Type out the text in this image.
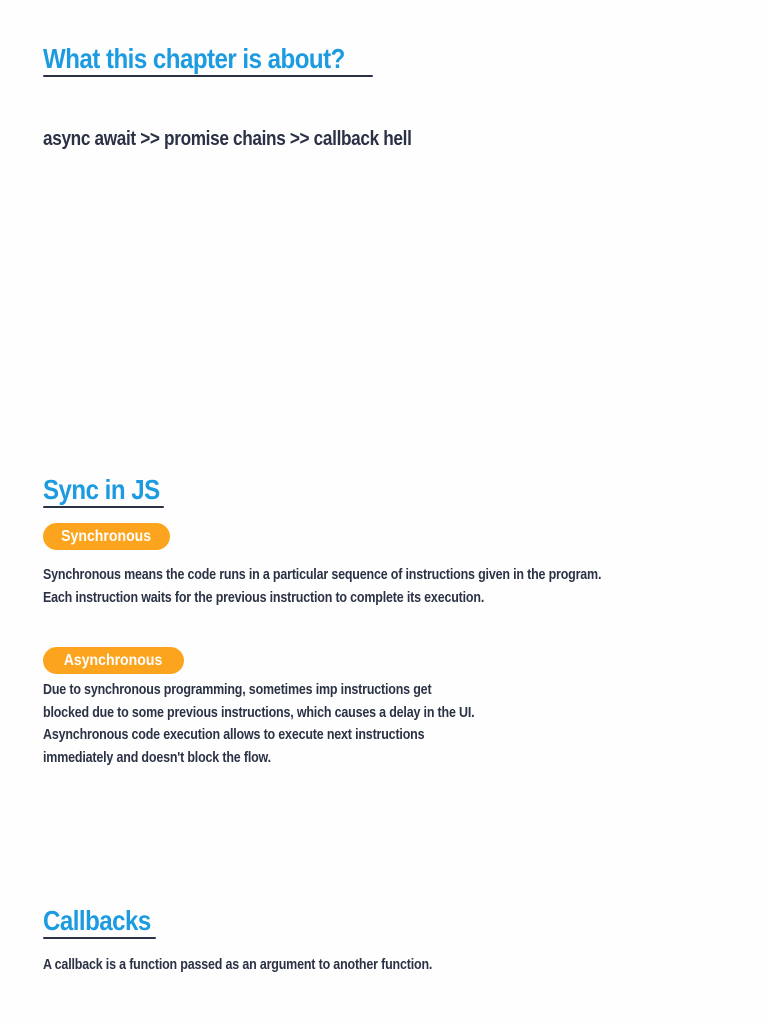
What this chapter is about?

async await >> promise chains >> callback hell

Sync in JS
Synchronous

Synchronous means the code runs in a particular sequence of instructions given in the program.
Each instruction waits for the previous instruction to complete its execution.

Asynchronous

Due to synchronous programming, sometimes imp instructions get
blocked due to some previous instructions, which causes a delay in the UI.
Asynchronous code execution allows to execute next instructions
immediately and doesn't block the flow.

Callbacks

A callback is a function passed as an argument to another function.
